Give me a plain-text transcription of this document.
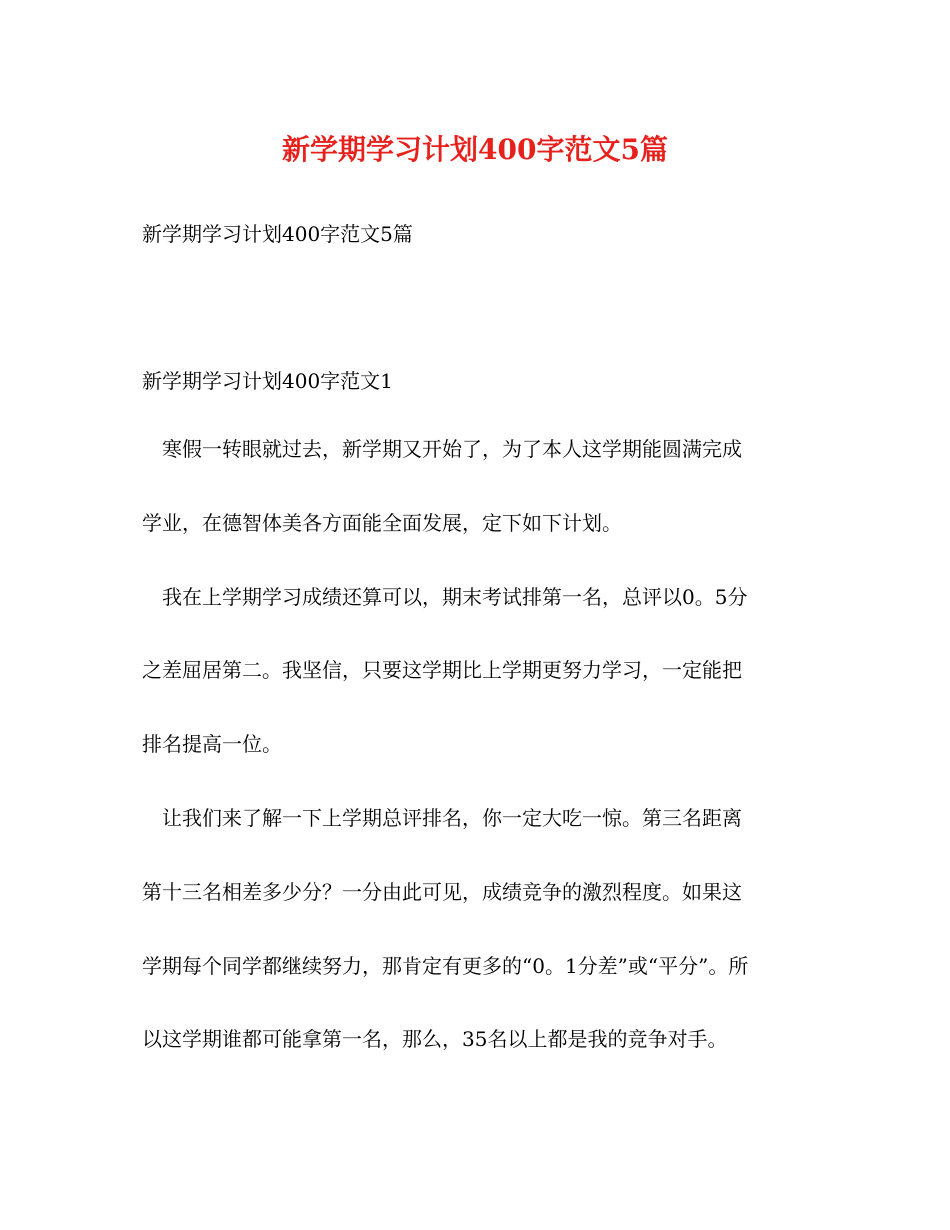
新学期学习计划400字范文5篇

新学期学习计划400字范文5篇

新学期学习计划400字范文1

寒假一转眼就过去，新学期又开始了，为了本人这学期能圆满完成

学业，在德智体美各方面能全面发展，定下如下计划。

我在上学期学习成绩还算可以，期末考试排第一名，总评以0。5分

之差屈居第二。我坚信，只要这学期比上学期更努力学习，一定能把

排名提高一位。

让我们来了解一下上学期总评排名，你一定大吃一惊。第三名距离

第十三名相差多少分？一分由此可见，成绩竞争的激烈程度。如果这

学期每个同学都继续努力，那肯定有更多的“0。1分差”或“平分”。所

以这学期谁都可能拿第一名，那么，35名以上都是我的竞争对手。
